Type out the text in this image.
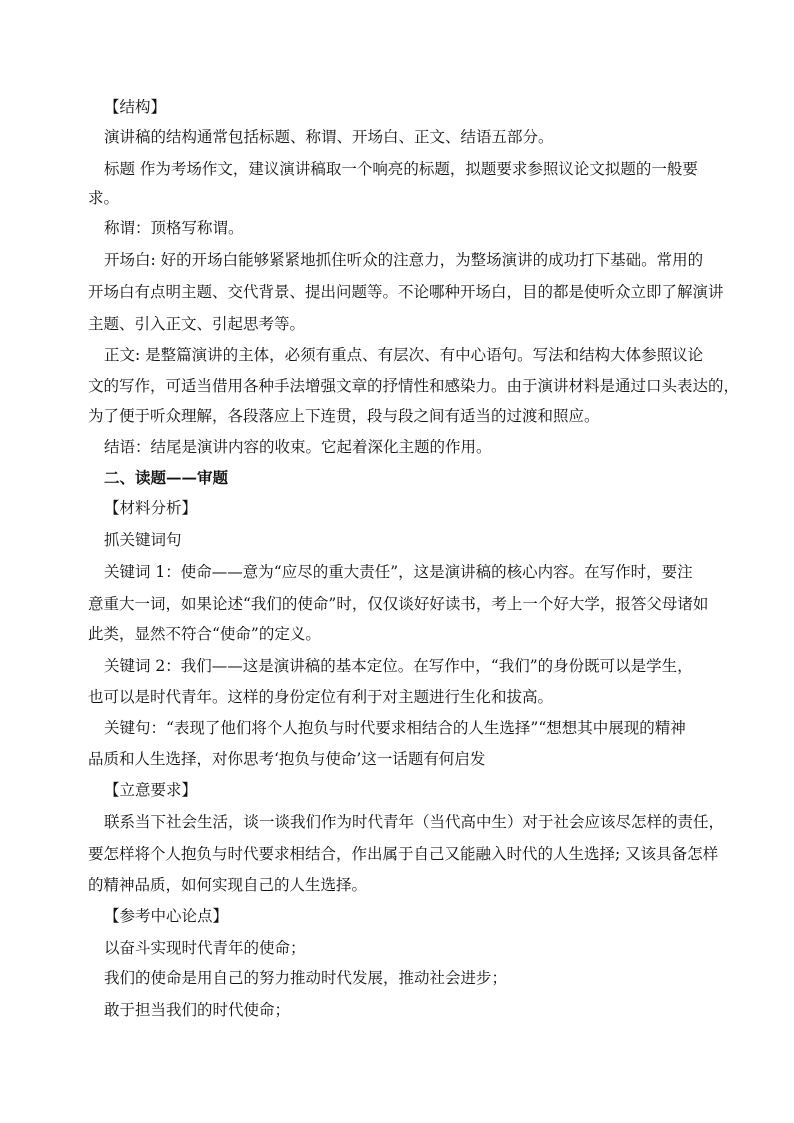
【结构】
演讲稿的结构通常包括标题、称谓、开场白、正文、结语五部分。
标题 作为考场作文，建议演讲稿取一个响亮的标题，拟题要求参照议论文拟题的一般要
求。
称谓：顶格写称谓。
开场白: 好的开场白能够紧紧地抓住听众的注意力，为整场演讲的成功打下基础。常用的
开场白有点明主题、交代背景、提出问题等。不论哪种开场白，目的都是使听众立即了解演讲
主题、引入正文、引起思考等。
正文: 是整篇演讲的主体，必须有重点、有层次、有中心语句。写法和结构大体参照议论
文的写作，可适当借用各种手法增强文章的抒情性和感染力。由于演讲材料是通过口头表达的，
为了便于听众理解，各段落应上下连贯，段与段之间有适当的过渡和照应。
结语：结尾是演讲内容的收束。它起着深化主题的作用。
二、读题——审题
【材料分析】
抓关键词句
关键词 1：使命——意为“应尽的重大责任”，这是演讲稿的核心内容。在写作时，要注
意重大一词，如果论述“我们的使命”时，仅仅谈好好读书，考上一个好大学，报答父母诸如
此类，显然不符合“使命”的定义。
关键词 2：我们——这是演讲稿的基本定位。在写作中，“我们”的身份既可以是学生，
也可以是时代青年。这样的身份定位有利于对主题进行生化和拔高。
关键句：“表现了他们将个人抱负与时代要求相结合的人生选择”“想想其中展现的精神
品质和人生选择，对你思考‘抱负与使命’这一话题有何启发
【立意要求】
联系当下社会生活，谈一谈我们作为时代青年（当代高中生）对于社会应该尽怎样的责任，
要怎样将个人抱负与时代要求相结合，作出属于自己又能融入时代的人生选择; 又该具备怎样
的精神品质，如何实现自己的人生选择。
【参考中心论点】
以奋斗实现时代青年的使命；
我们的使命是用自己的努力推动时代发展，推动社会进步；
敢于担当我们的时代使命；
